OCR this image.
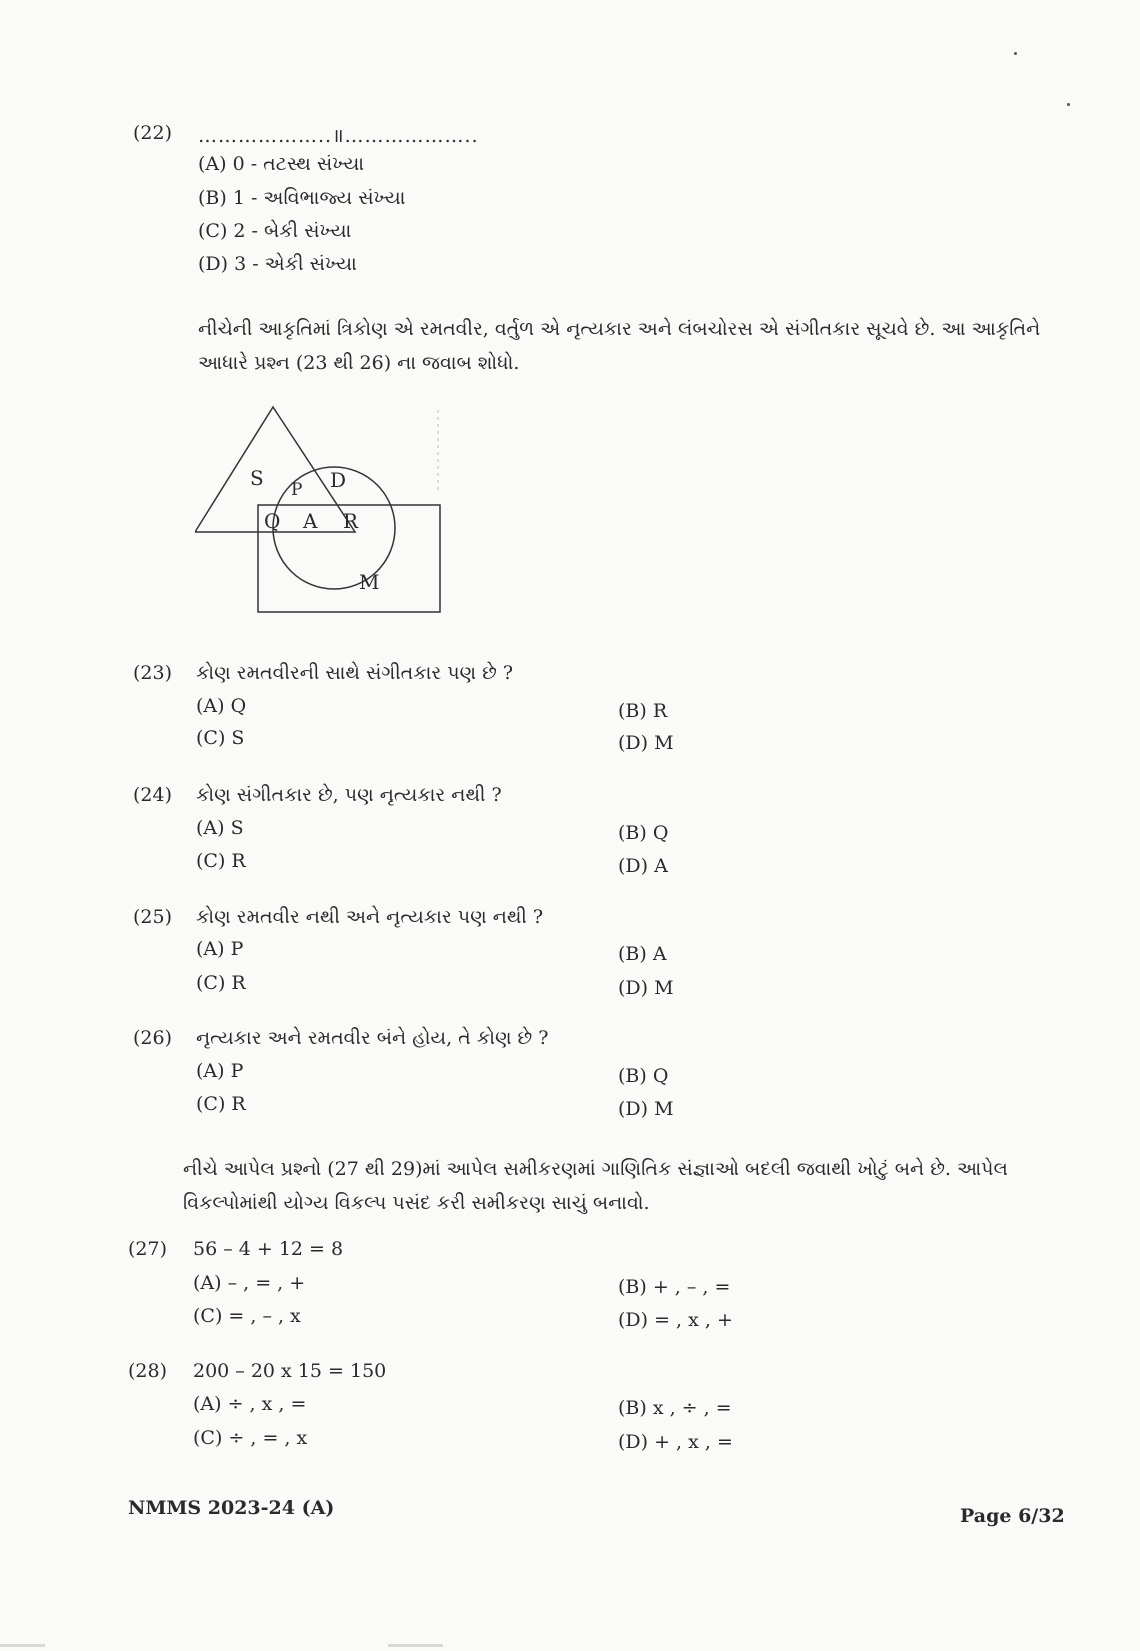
(22) ………………..॥………………..
(A) 0 - તટસ્થ સંખ્યા
(B) 1 - અવિભાજ્ય સંખ્યા
(C) 2 - બેકી સંખ્યા
(D) 3 - એકી સંખ્યા
નીચેની આકૃતિમાં ત્રિકોણ એ રમતવીર, વર્તુળ એ નૃત્યકાર અને લંબચોરસ એ સંગીતકાર સૂચવે છે. આ આકૃતિને
આધારે પ્રશ્ન (23 થી 26) ના જવાબ શોધો.
S P D
Q A R
M
(23) કોણ રમતવીરની સાથે સંગીતકાર પણ છે ?
(A) Q	(B) R
(C) S	(D) M
(24) કોણ સંગીતકાર છે, પણ નૃત્યકાર નથી ?
(A) S	(B) Q
(C) R	(D) A
(25) કોણ રમતવીર નથી અને નૃત્યકાર પણ નથી ?
(A) P	(B) A
(C) R	(D) M
(26) નૃત્યકાર અને રમતવીર બંને હોય, તે કોણ છે ?
(A) P	(B) Q
(C) R	(D) M
નીચે આપેલ પ્રશ્નો (27 થી 29)માં આપેલ સમીકરણમાં ગાણિતિક સંજ્ઞાઓ બદલી જવાથી ખોટું બને છે. આપેલ
વિકલ્પોમાંથી યોગ્ય વિકલ્પ પસંદ કરી સમીકરણ સાચું બનાવો.
(27) 56 – 4 + 12 = 8
(A) – , = , +	(B) + , – , =
(C) = , – , x	(D) = , x , +
(28) 200 – 20 x 15 = 150
(A) ÷ , x , =	(B) x , ÷ , =
(C) ÷ , = , x	(D) + , x , =
NMMS 2023-24 (A)	Page 6/32
